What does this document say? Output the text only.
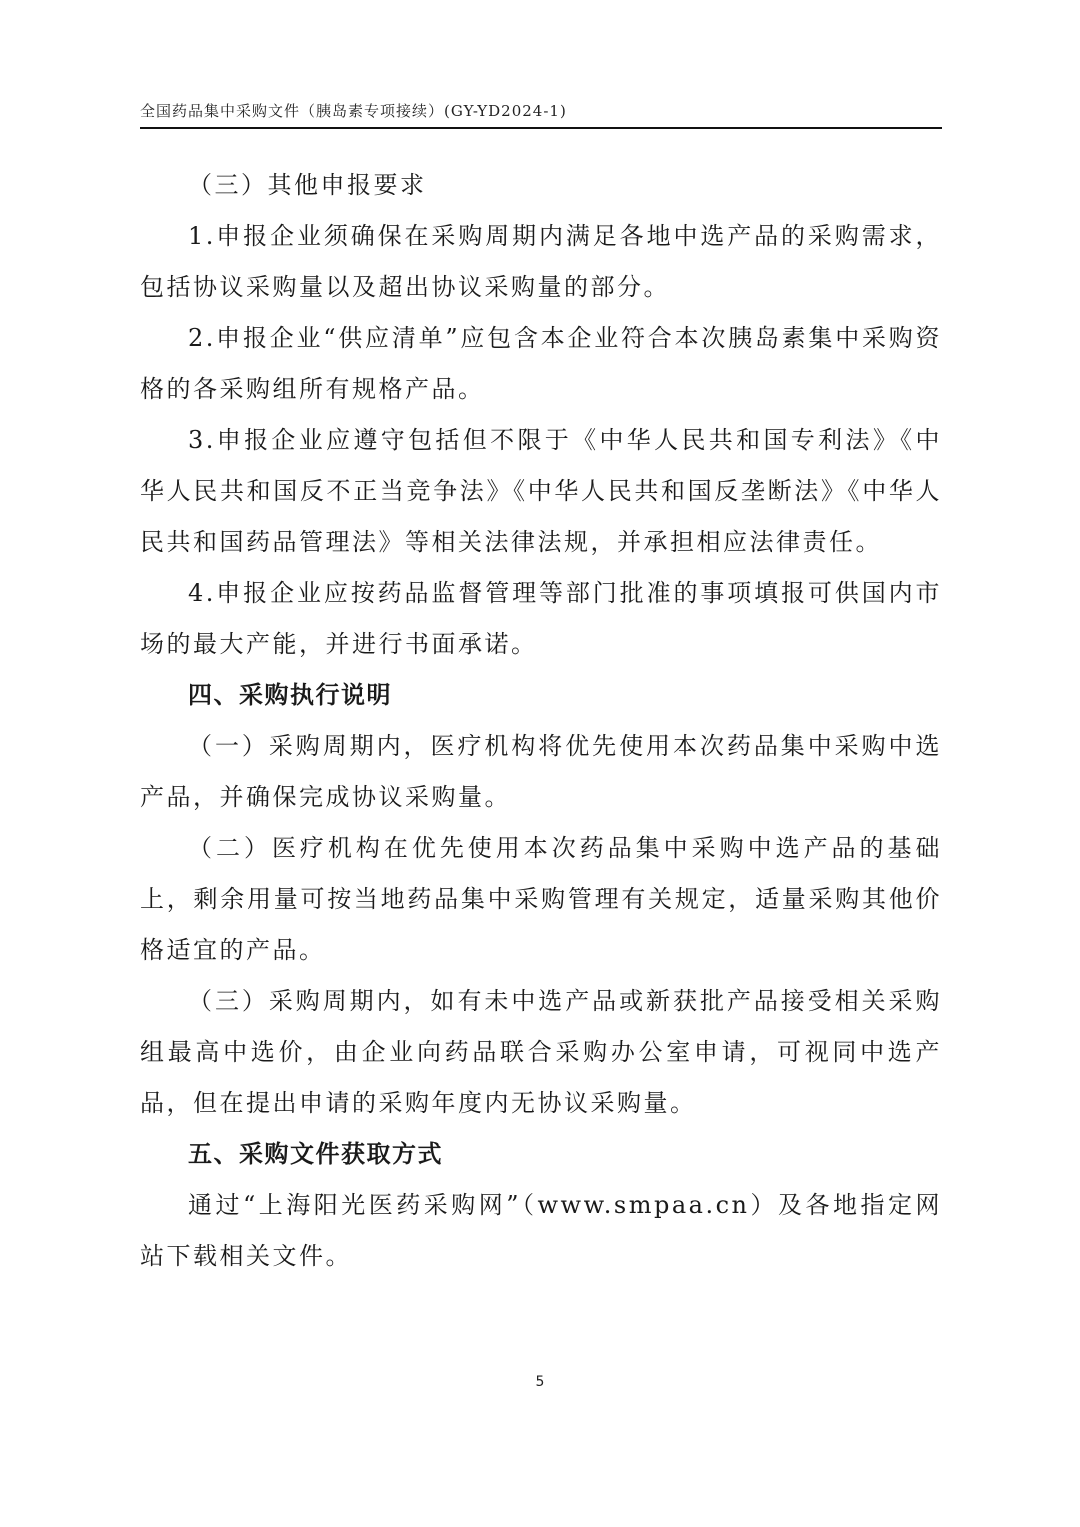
全国药品集中采购文件（胰岛素专项接续）(GY-YD2024-1)

（三）其他申报要求

1.申报企业须确保在采购周期内满足各地中选产品的采购需求，包括协议采购量以及超出协议采购量的部分。

2.申报企业“供应清单”应包含本企业符合本次胰岛素集中采购资格的各采购组所有规格产品。

3.申报企业应遵守包括但不限于《中华人民共和国专利法》《中华人民共和国反不正当竞争法》《中华人民共和国反垄断法》《中华人民共和国药品管理法》等相关法律法规，并承担相应法律责任。

4.申报企业应按药品监督管理等部门批准的事项填报可供国内市场的最大产能，并进行书面承诺。

四、采购执行说明

（一）采购周期内，医疗机构将优先使用本次药品集中采购中选产品，并确保完成协议采购量。

（二）医疗机构在优先使用本次药品集中采购中选产品的基础上，剩余用量可按当地药品集中采购管理有关规定，适量采购其他价格适宜的产品。

（三）采购周期内，如有未中选产品或新获批产品接受相关采购组最高中选价，由企业向药品联合采购办公室申请，可视同中选产品，但在提出申请的采购年度内无协议采购量。

五、采购文件获取方式

通过“上海阳光医药采购网”（www.smpaa.cn）及各地指定网站下载相关文件。

5
